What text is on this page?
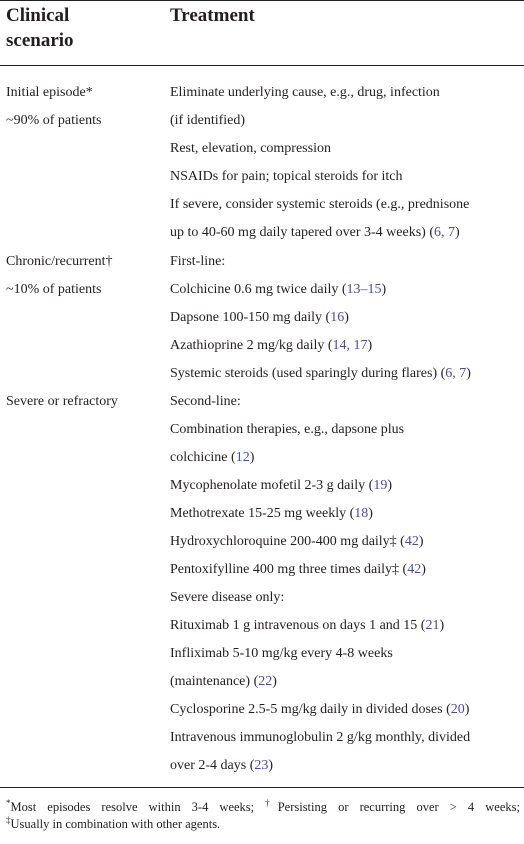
Clinical
scenario
Treatment
Initial episode*
~90% of patients
Eliminate underlying cause, e.g., drug, infection
(if identified)
Rest, elevation, compression
NSAIDs for pain; topical steroids for itch
If severe, consider systemic steroids (e.g., prednisone
up to 40-60 mg daily tapered over 3-4 weeks) (6, 7)
Chronic/recurrent†
~10% of patients
First-line:
Colchicine 0.6 mg twice daily (13–15)
Dapsone 100-150 mg daily (16)
Azathioprine 2 mg/kg daily (14, 17)
Systemic steroids (used sparingly during flares) (6, 7)
Severe or refractory	Second-line:
Combination therapies, e.g., dapsone plus
colchicine (12)
Mycophenolate mofetil 2-3 g daily (19)
Methotrexate 15-25 mg weekly (18)
Hydroxychloroquine 200-400 mg daily‡ (42)
Pentoxifylline 400 mg three times daily‡ (42)
Severe disease only:
Rituximab 1 g intravenous on days 1 and 15 (21)
Infliximab 5-10 mg/kg every 4-8 weeks
(maintenance) (22)
Cyclosporine 2.5-5 mg/kg daily in divided doses (20)
Intravenous immunoglobulin 2 g/kg monthly, divided
over 2-4 days (23)
*Most episodes resolve within 3-4 weeks; †Persisting or recurring over > 4 weeks;
‡Usually in combination with other agents.
